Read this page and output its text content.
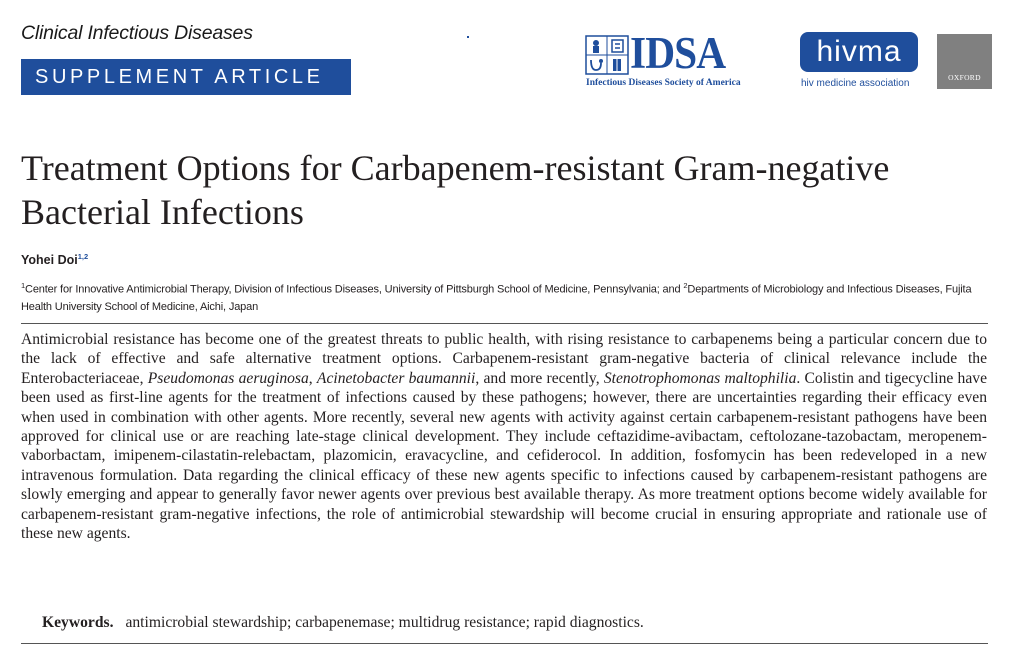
Clinical Infectious Diseases
SUPPLEMENT ARTICLE	IDSA
Infectious Diseases Society of America
hivma
hiv medicine association
OXFORD
Treatment Options for Carbapenem-resistant Gram-negative Bacterial Infections
Yohei Doi$^{1,2}$
$^1$Center for Innovative Antimicrobial Therapy, Division of Infectious Diseases, University of Pittsburgh School of Medicine, Pennsylvania; and $^2$Departments of Microbiology and Infectious Diseases, Fujita Health University School of Medicine, Aichi, Japan

Antimicrobial resistance has become one of the greatest threats to public health, with rising resistance to carbapenems being a particular concern due to the lack of effective and safe alternative treatment options. Carbapenem-resistant gram-negative bacteria of clinical relevance include the Enterobacteriaceae, Pseudomonas aeruginosa, Acinetobacter baumannii, and more recently, Stenotrophomonas maltophilia. Colistin and tigecycline have been used as first-line agents for the treatment of infections caused by these pathogens; however, there are uncertainties regarding their efficacy even when used in combination with other agents. More recently, several new agents with activity against certain carbapenem-resistant pathogens have been approved for clinical use or are reaching late-stage clinical development. They include ceftazidime-avibactam, ceftolozane-tazobactam, meropenem-vaborbactam, imipenem-cilastatin-relebactam, plazomicin, eravacycline, and cefiderocol. In addition, fosfomycin has been redeveloped in a new intravenous formulation. Data regarding the clinical efficacy of these new agents specific to infections caused by carbapenem-resistant pathogens are slowly emerging and appear to generally favor newer agents over previous best available therapy. As more treatment options become widely available for carbapenem-resistant gram-negative infections, the role of antimicrobial stewardship will become crucial in ensuring appropriate and rationale use of these new agents.

Keywords. antimicrobial stewardship; carbapenemase; multidrug resistance; rapid diagnostics.
